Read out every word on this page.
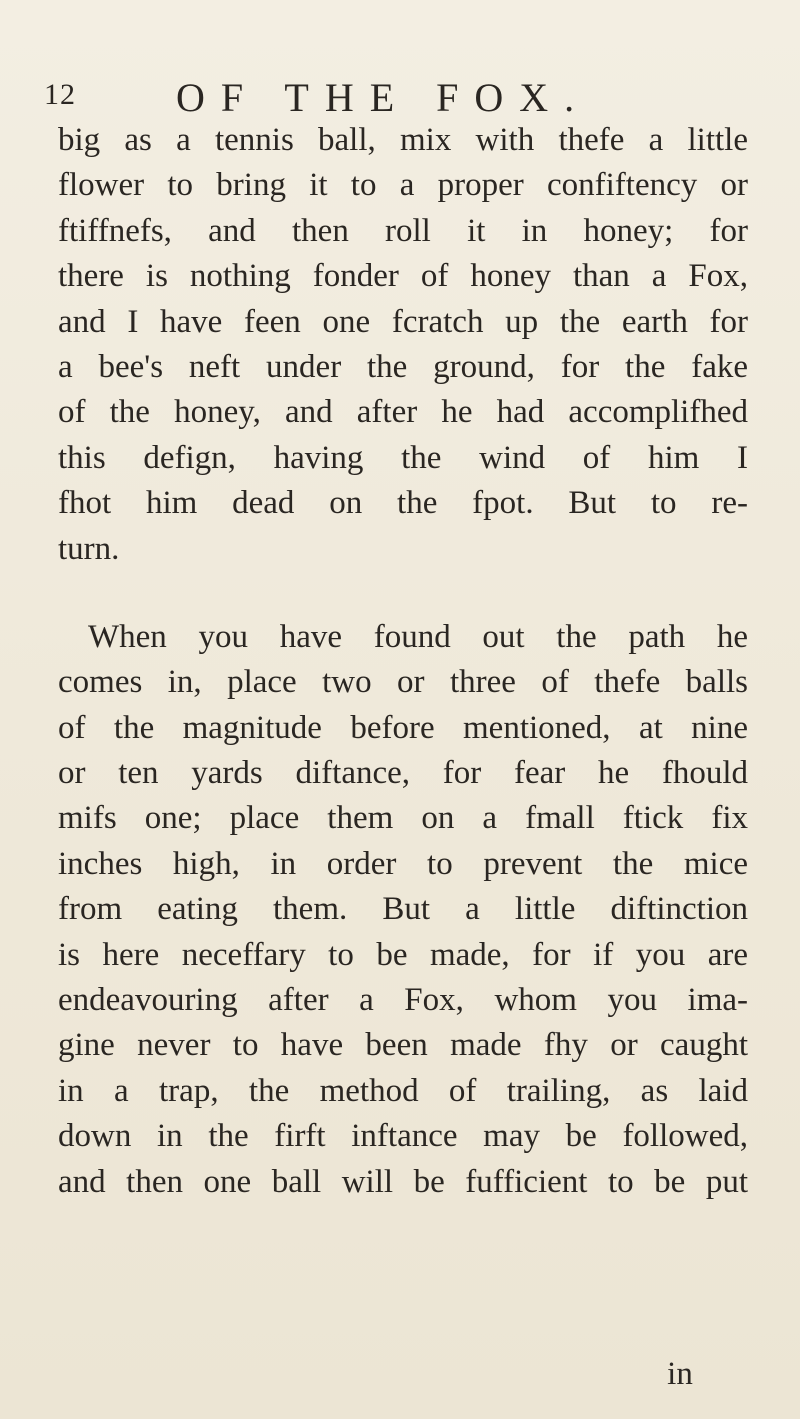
12	OF THE FOX.
big as a tennis ball, mix with thefe a little
flower to bring it to a proper confiftency or
ftiffnefs, and then roll it in honey; for
there is nothing fonder of honey than a Fox,
and I have feen one fcratch up the earth for
a bee's neft under the ground, for the fake
of the honey, and after he had accomplifhed
this defign, having the wind of him I
fhot him dead on the fpot. But to re-
turn.
When you have found out the path he
comes in, place two or three of thefe balls
of the magnitude before mentioned, at nine
or ten yards diftance, for fear he fhould
mifs one; place them on a fmall ftick fix
inches high, in order to prevent the mice
from eating them. But a little diftinction
is here neceffary to be made, for if you are
endeavouring after a Fox, whom you ima-
gine never to have been made fhy or caught
in a trap, the method of trailing, as laid
down in the firft inftance may be followed,
and then one ball will be fufficient to be put
in
